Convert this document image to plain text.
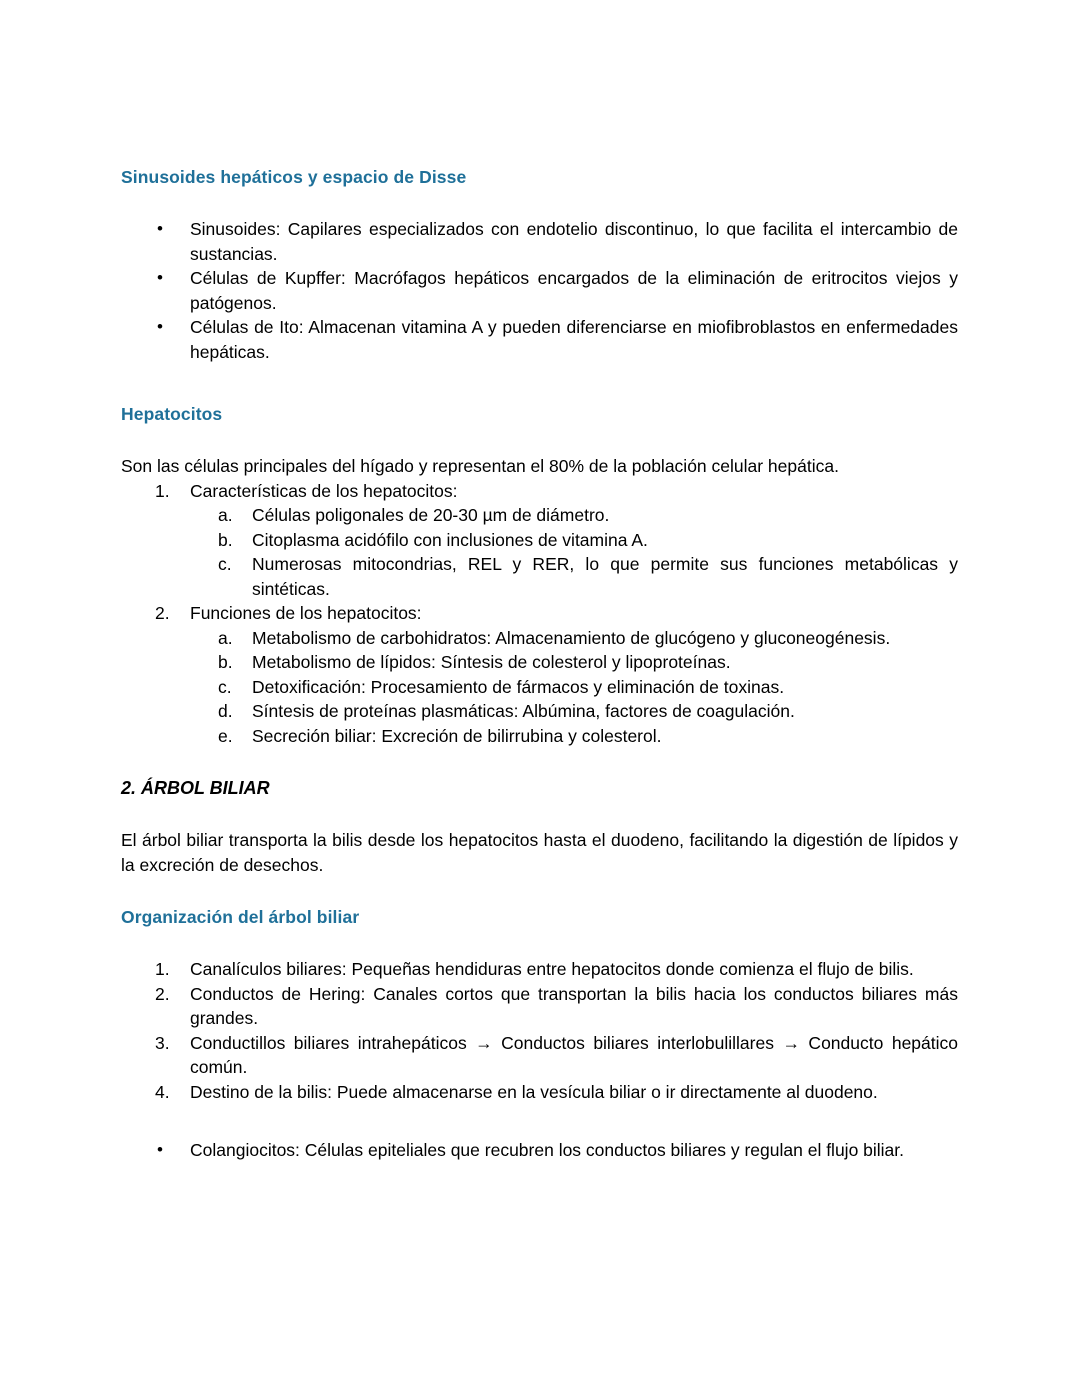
Sinusoides hepáticos y espacio de Disse
• Sinusoides: Capilares especializados con endotelio discontinuo, lo que facilita el intercambio de sustancias.
• Células de Kupffer: Macrófagos hepáticos encargados de la eliminación de eritrocitos viejos y patógenos.
• Células de Ito: Almacenan vitamina A y pueden diferenciarse en miofibroblastos en enfermedades hepáticas.
Hepatocitos

Son las células principales del hígado y representan el 80% de la población celular hepática.

1.	Características de los hepatocitos:
a.	Células poligonales de 20-30 µm de diámetro.
b.	Citoplasma acidófilo con inclusiones de vitamina A.
c.	Numerosas mitocondrias, REL y RER, lo que permite sus funciones metabólicas y sintéticas.
2.	Funciones de los hepatocitos:
a.	Metabolismo de carbohidratos: Almacenamiento de glucógeno y gluconeogénesis.
b.	Metabolismo de lípidos: Síntesis de colesterol y lipoproteínas.
c.	Detoxificación: Procesamiento de fármacos y eliminación de toxinas.
d.	Síntesis de proteínas plasmáticas: Albúmina, factores de coagulación.
e.	Secreción biliar: Excreción de bilirrubina y colesterol.
2. ÁRBOL BILIAR

El árbol biliar transporta la bilis desde los hepatocitos hasta el duodeno, facilitando la digestión de lípidos y la excreción de desechos.

Organización del árbol biliar
1.	Canalículos biliares: Pequeñas hendiduras entre hepatocitos donde comienza el flujo de bilis.
2.	Conductos de Hering: Canales cortos que transportan la bilis hacia los conductos biliares más grandes.
3.	Conductillos biliares intrahepáticos → Conductos biliares interlobulillares → Conducto hepático común.
4.	Destino de la bilis: Puede almacenarse en la vesícula biliar o ir directamente al duodeno.
• Colangiocitos: Células epiteliales que recubren los conductos biliares y regulan el flujo biliar.
